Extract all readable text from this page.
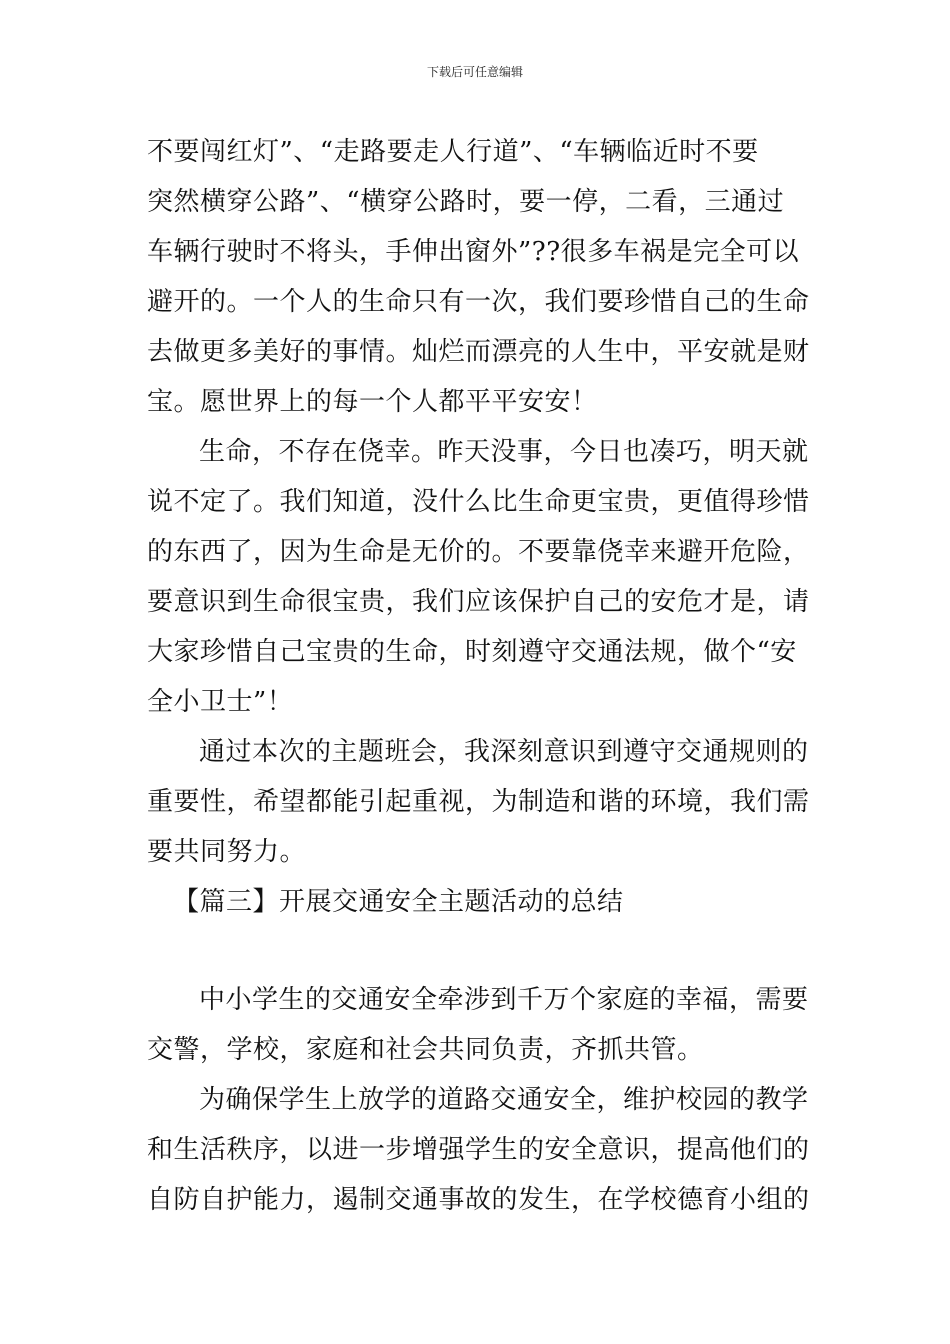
下载后可任意编辑
不要闯红灯”、“走路要走人行道”、“车辆临近时不要
突然横穿公路”、“横穿公路时，要一停，二看，三通过
车辆行驶时不将头，手伸出窗外”??很多车祸是完全可以
避开的。一个人的生命只有一次，我们要珍惜自己的生命
去做更多美好的事情。灿烂而漂亮的人生中，平安就是财
宝。愿世界上的每一个人都平平安安！
生命，不存在侥幸。昨天没事，今日也凑巧，明天就
说不定了。我们知道，没什么比生命更宝贵，更值得珍惜
的东西了，因为生命是无价的。不要靠侥幸来避开危险，
要意识到生命很宝贵，我们应该保护自己的安危才是，请
大家珍惜自己宝贵的生命，时刻遵守交通法规，做个“安
全小卫士”！
通过本次的主题班会，我深刻意识到遵守交通规则的
重要性，希望都能引起重视，为制造和谐的环境，我们需
要共同努力。
【篇三】开展交通安全主题活动的总结
中小学生的交通安全牵涉到千万个家庭的幸福，需要
交警，学校，家庭和社会共同负责，齐抓共管。
为确保学生上放学的道路交通安全，维护校园的教学
和生活秩序，以进一步增强学生的安全意识，提高他们的
自防自护能力，遏制交通事故的发生，在学校德育小组的
